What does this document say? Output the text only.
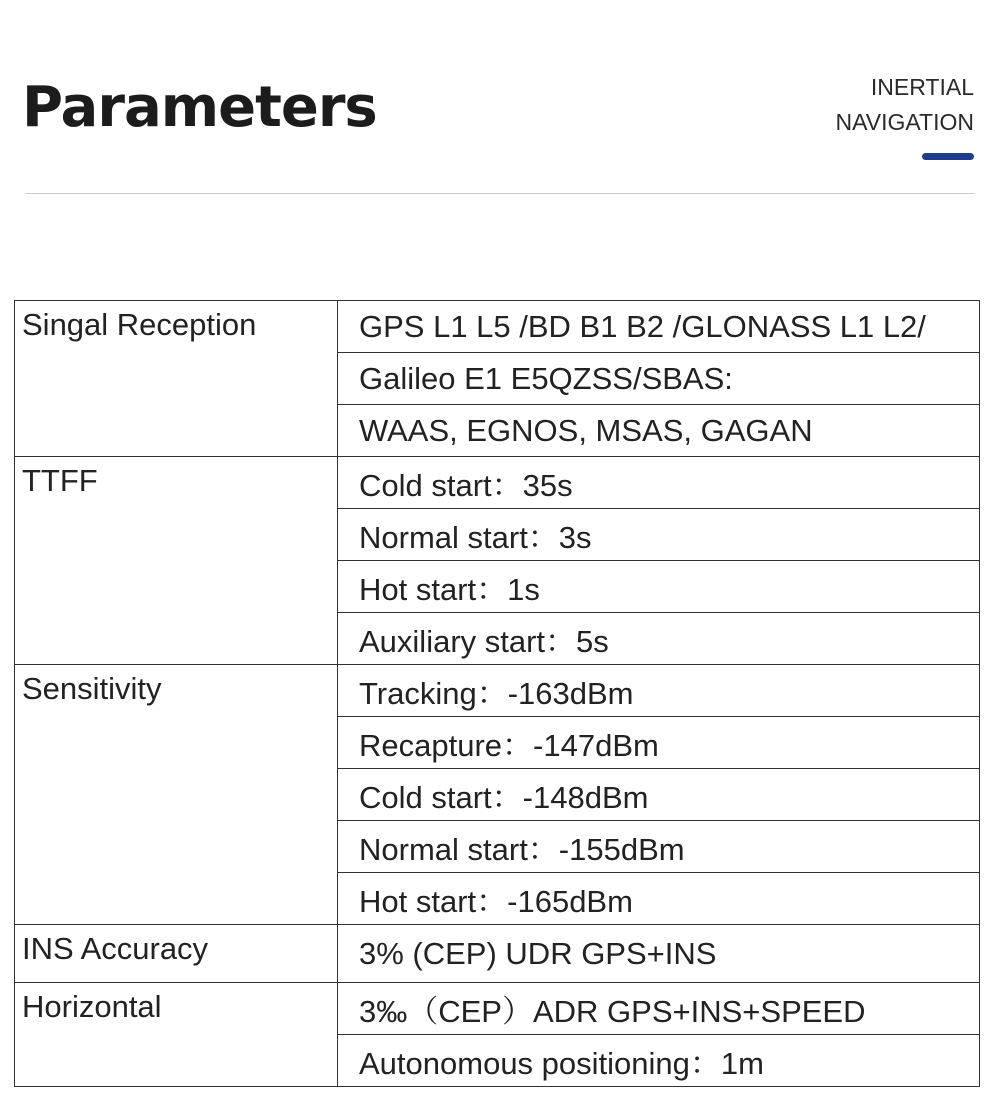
Parameters	INERTIAL
NAVIGATION
Singal Reception	GPS L1 L5 /BD B1 B2 /GLONASS L1 L2/
	Galileo E1 E5QZSS/SBAS:
	WAAS, EGNOS, MSAS, GAGAN
TTFF	Cold start：35s
	Normal start：3s
	Hot start：1s
	Auxiliary start：5s
Sensitivity	Tracking：-163dBm
	Recapture：-147dBm
	Cold start：-148dBm
	Normal start：-155dBm
	Hot start：-165dBm
INS Accuracy	3% (CEP) UDR GPS+INS
Horizontal	3‰（CEP）ADR GPS+INS+SPEED
	Autonomous positioning：1m
